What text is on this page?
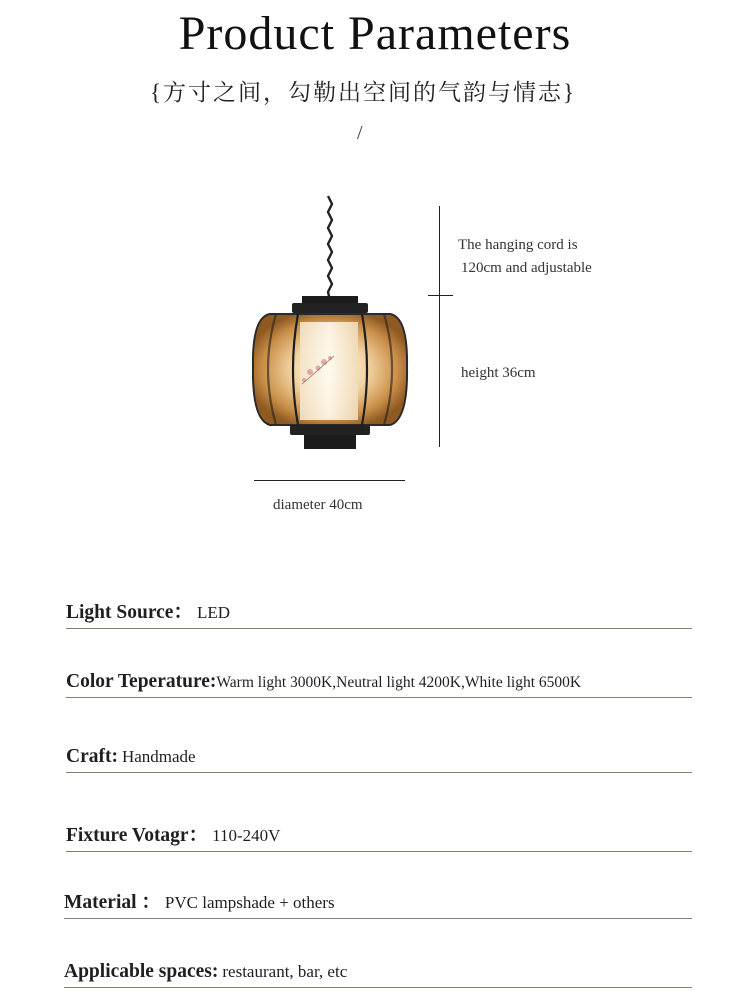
Product Parameters
{方寸之间，勾勒出空间的气韵与情志}
/
The hanging cord is
120cm and adjustable
height 36cm
diameter 40cm
Light Source： LED
Color Teperature:Warm light 3000K,Neutral light 4200K,White light 6500K
Craft: Handmade
Fixture Votagr： 110-240V
Material ： PVC lampshade + others
Applicable spaces: restaurant, bar, etc
